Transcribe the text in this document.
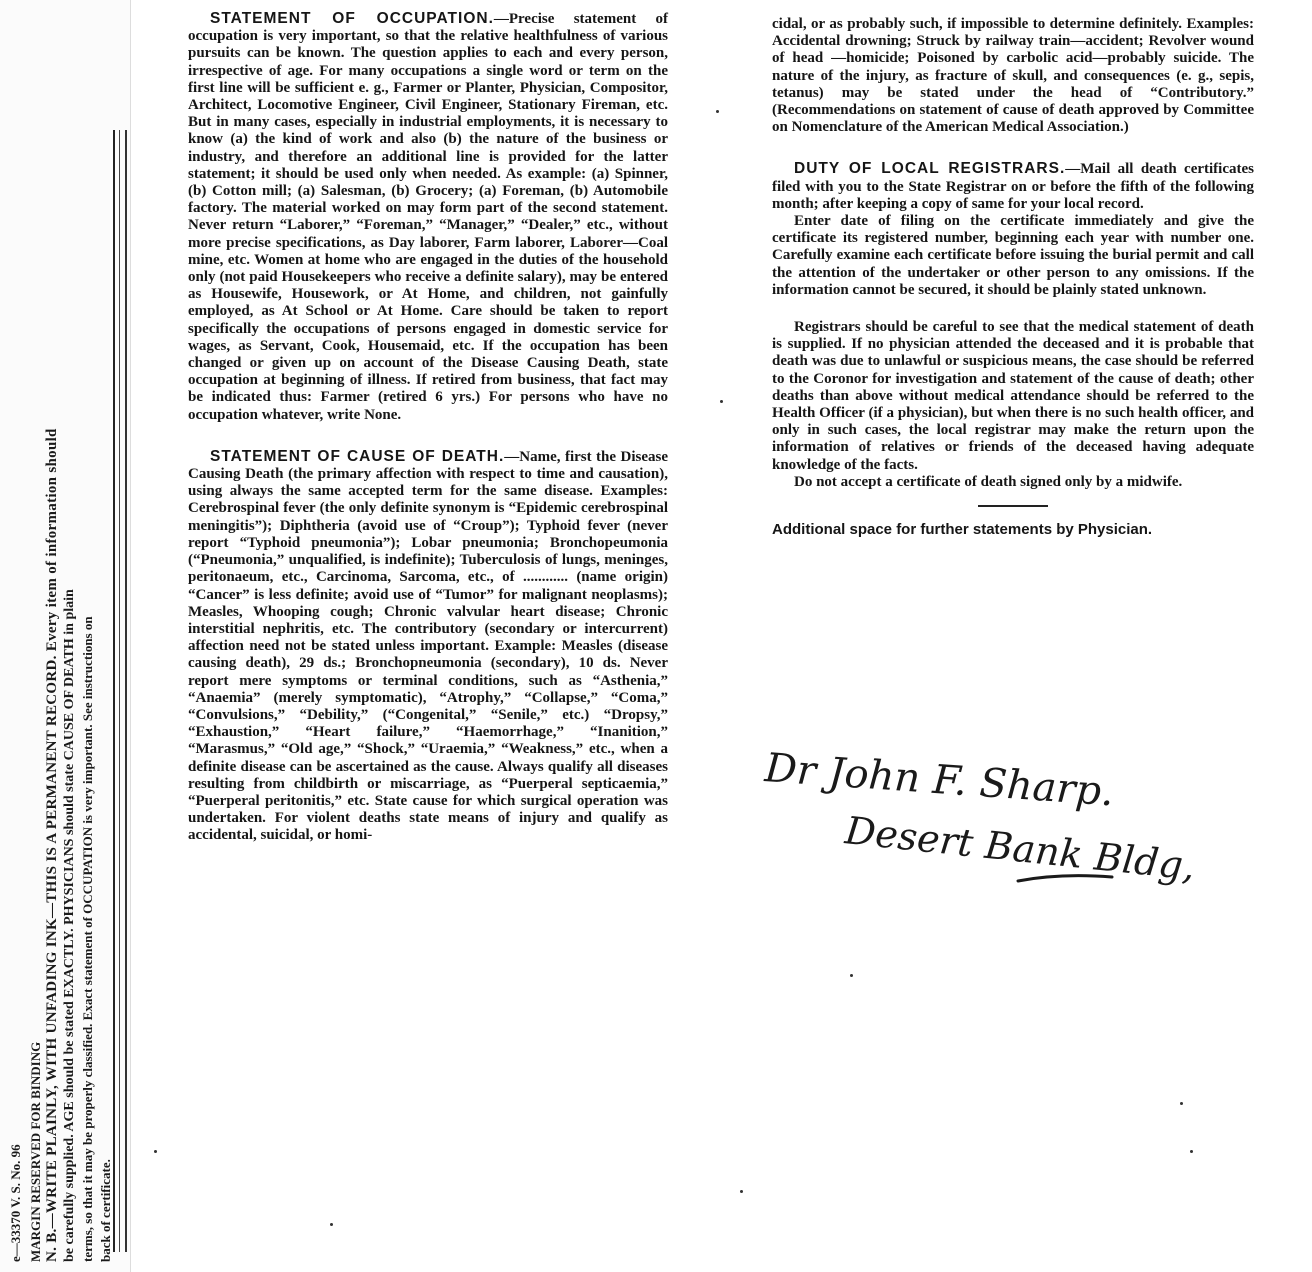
e—33370 V. S. No. 96 MARGIN RESERVED FOR BINDING N. B.—WRITE PLAINLY, WITH UNFADING INK—THIS IS A PERMANENT RECORD. Every item of information should be carefully supplied. AGE should be stated EXACTLY. PHYSICIANS should state CAUSE OF DEATH in plain terms, so that it may be properly classified. Exact statement of OCCUPATION is very important. See instructions on back of certificate.

STATEMENT OF OCCUPATION.—Precise statement of occupation is very important, so that the relative healthfulness of various pursuits can be known. The question applies to each and every person, irrespective of age. For many occupations a single word or term on the first line will be sufficient e. g., Farmer or Planter, Physician, Compositor, Architect, Locomotive Engineer, Civil Engineer, Stationary Fireman, etc. But in many cases, especially in industrial employments, it is necessary to know (a) the kind of work and also (b) the nature of the business or industry, and therefore an additional line is provided for the latter statement; it should be used only when needed. As example: (a) Spinner, (b) Cotton mill; (a) Salesman, (b) Grocery; (a) Foreman, (b) Automobile factory. The material worked on may form part of the second statement. Never return “Laborer,” “Foreman,” “Manager,” “Dealer,” etc., without more precise specifications, as Day laborer, Farm laborer, Laborer—Coal mine, etc. Women at home who are engaged in the duties of the household only (not paid Housekeepers who receive a definite salary), may be entered as Housewife, Housework, or At Home, and children, not gainfully employed, as At School or At Home. Care should be taken to report specifically the occupations of persons engaged in domestic service for wages, as Servant, Cook, Housemaid, etc. If the occupation has been changed or given up on account of the Disease Causing Death, state occupation at beginning of illness. If retired from business, that fact may be indicated thus: Farmer (retired 6 yrs.) For persons who have no occupation whatever, write None.

STATEMENT OF CAUSE OF DEATH.—Name, first the Disease Causing Death (the primary affection with respect to time and causation), using always the same accepted term for the same disease. Examples: Cerebrospinal fever (the only definite synonym is “Epidemic cerebrospinal meningitis”); Diphtheria (avoid use of “Croup”); Typhoid fever (never report “Typhoid pneumonia”); Lobar pneumonia; Bronchopeumonia (“Pneumonia,” unqualified, is indefinite); Tuberculosis of lungs, meninges, peritonaeum, etc., Carcinoma, Sarcoma, etc., of ............ (name origin) “Cancer” is less definite; avoid use of “Tumor” for malignant neoplasms); Measles, Whooping cough; Chronic valvular heart disease; Chronic interstitial nephritis, etc. The contributory (secondary or intercurrent) affection need not be stated unless important. Example: Measles (disease causing death), 29 ds.; Bronchopneumonia (secondary), 10 ds. Never report mere symptoms or terminal conditions, such as “Asthenia,” “Anaemia” (merely symptomatic), “Atrophy,” “Collapse,” “Coma,” “Convulsions,” “Debility,” (“Congenital,” “Senile,” etc.) “Dropsy,” “Exhaustion,” “Heart failure,” “Haemorrhage,” “Inanition,” “Marasmus,” “Old age,” “Shock,” “Uraemia,” “Weakness,” etc., when a definite disease can be ascertained as the cause. Always qualify all diseases resulting from childbirth or miscarriage, as “Puerperal septicaemia,” “Puerperal peritonitis,” etc. State cause for which surgical operation was undertaken. For violent deaths state means of injury and qualify as accidental, suicidal, or homi-

cidal, or as probably such, if impossible to determine definitely. Examples: Accidental drowning; Struck by railway train—accident; Revolver wound of head —homicide; Poisoned by carbolic acid—probably suicide. The nature of the injury, as fracture of skull, and consequences (e. g., sepis, tetanus) may be stated under the head of “Contributory.” (Recommendations on statement of cause of death approved by Committee on Nomenclature of the American Medical Association.)

DUTY OF LOCAL REGISTRARS.—Mail all death certificates filed with you to the State Registrar on or before the fifth of the following month; after keeping a copy of same for your local record.

Enter date of filing on the certificate immediately and give the certificate its registered number, beginning each year with number one. Carefully examine each certificate before issuing the burial permit and call the attention of the undertaker or other person to any omissions. If the information cannot be secured, it should be plainly stated unknown.

Registrars should be careful to see that the medical statement of death is supplied. If no physician attended the deceased and it is probable that death was due to unlawful or suspicious means, the case should be referred to the Coronor for investigation and statement of the cause of death; other deaths than above without medical attendance should be referred to the Health Officer (if a physician), but when there is no such health officer, and only in such cases, the local registrar may make the return upon the information of relatives or friends of the deceased having adequate knowledge of the facts.

Do not accept a certificate of death signed only by a midwife.

Additional space for further statements by Physician.

Dr John F. Sharp.
Desert Bank Bldg,
